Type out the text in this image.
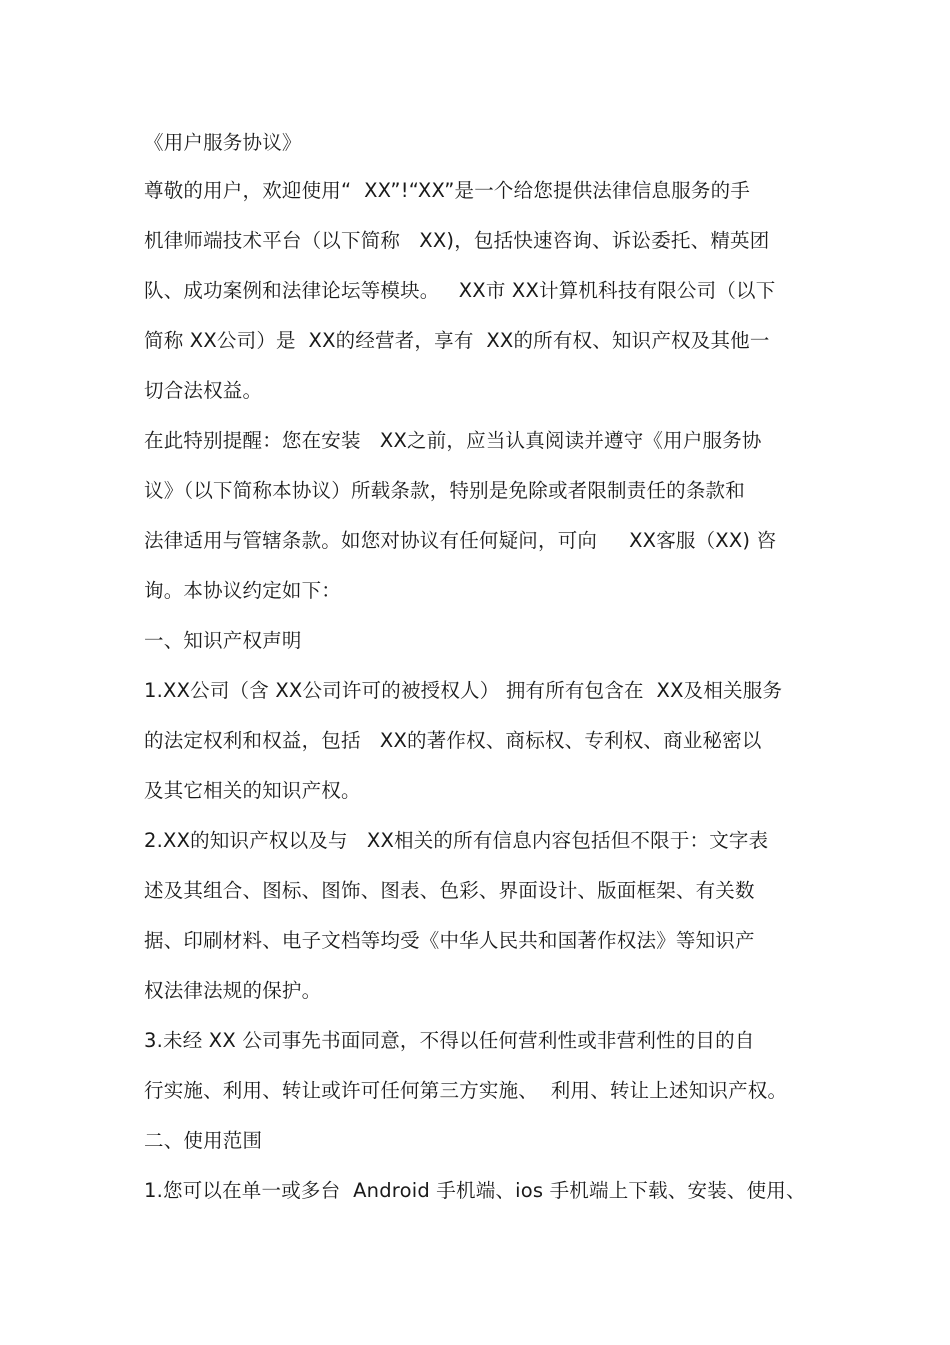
《用户服务协议》
尊敬的用户，欢迎使用“  XX”!“XX”是一个给您提供法律信息服务的手
机律师端技术平台（以下简称   XX)，包括快速咨询、诉讼委托、精英团
队、成功案例和法律论坛等模块。   XX市 XX计算机科技有限公司（以下
简称 XX公司）是  XX的经营者，享有  XX的所有权、知识产权及其他一
切合法权益。
在此特别提醒：您在安装   XX之前，应当认真阅读并遵守《用户服务协
议》（以下简称本协议）所载条款，特别是免除或者限制责任的条款和
法律适用与管辖条款。如您对协议有任何疑问，可向     XX客服（XX) 咨
询。本协议约定如下：
一、知识产权声明
1.XX公司（含 XX公司许可的被授权人） 拥有所有包含在  XX及相关服务
的法定权利和权益，包括   XX的著作权、商标权、专利权、商业秘密以
及其它相关的知识产权。
2.XX的知识产权以及与   XX相关的所有信息内容包括但不限于：文字表
述及其组合、图标、图饰、图表、色彩、界面设计、版面框架、有关数
据、印刷材料、电子文档等均受《中华人民共和国著作权法》等知识产
权法律法规的保护。
3.未经 XX 公司事先书面同意，不得以任何营利性或非营利性的目的自
行实施、利用、转让或许可任何第三方实施、  利用、转让上述知识产权。
二、使用范围
1.您可以在单一或多台  Android 手机端、ios 手机端上下载、安装、使用、
